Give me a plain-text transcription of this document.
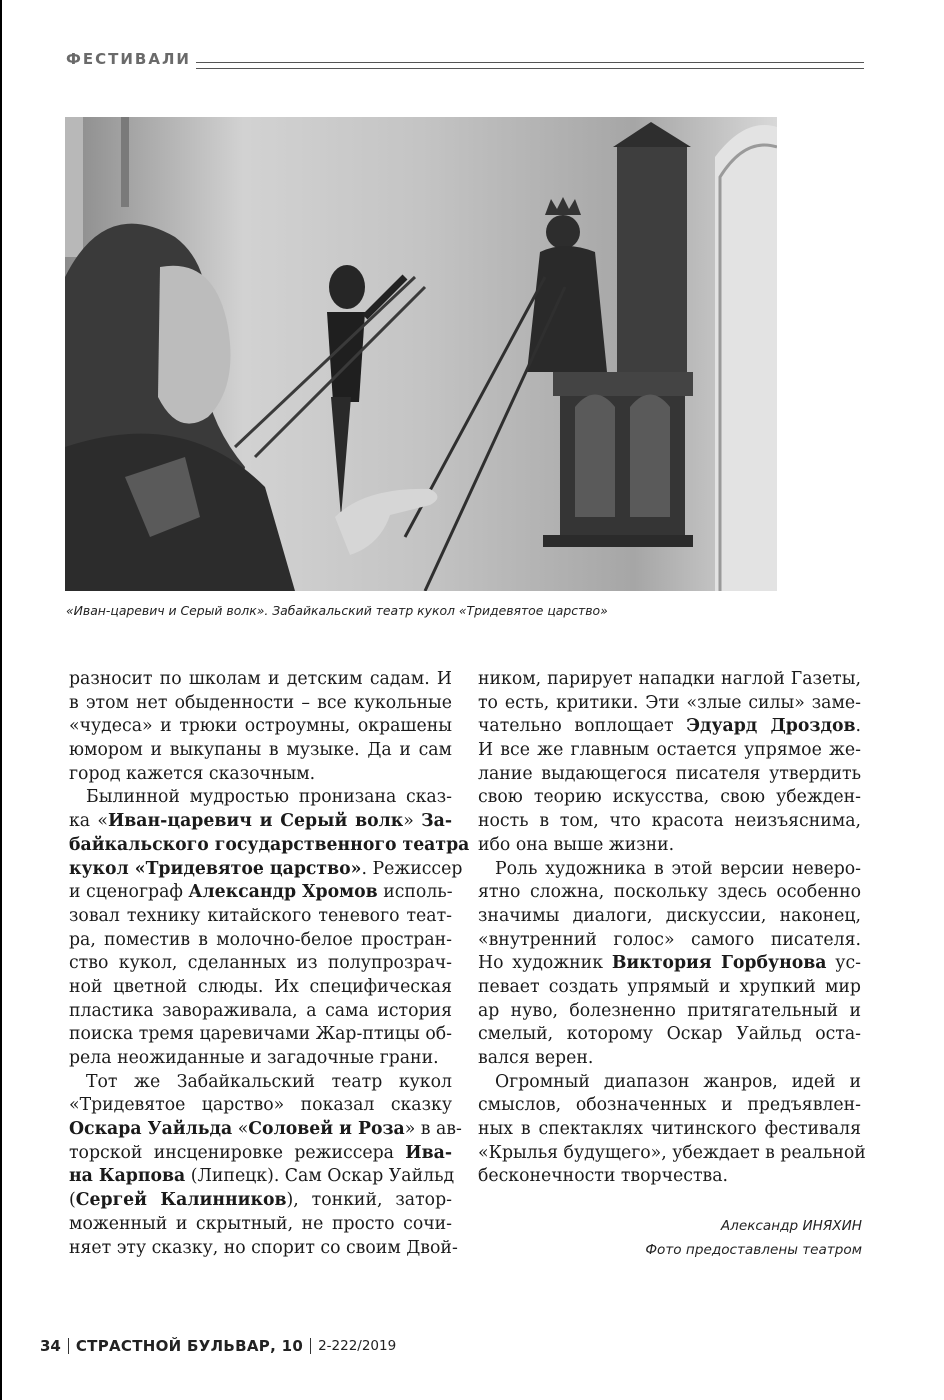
ФЕСТИВАЛИ
«Иван-царевич и Серый волк». Забайкальский театр кукол «Тридевятое царство»
разносит по школам и детским садам. И
в этом нет обыденности – все кукольные
«чудеса» и трюки остроумны, окрашены
юмором и выкупаны в музыке. Да и сам
город кажется сказочным.
Былинной мудростью пронизана сказ-
ка «Иван-царевич и Серый волк» За-
байкальского государственного театра
кукол «Тридевятое царство». Режиссер
и сценограф Александр Хромов исполь-
зовал технику китайского теневого теат-
ра, поместив в молочно-белое простран-
ство кукол, сделанных из полупрозрач-
ной цветной слюды. Их специфическая
пластика завораживала, а сама история
поиска тремя царевичами Жар-птицы об-
рела неожиданные и загадочные грани.
Тот же Забайкальский театр кукол
«Тридевятое царство» показал сказку
Оскара Уайльда «Соловей и Роза» в ав-
торской инсценировке режиссера Ива-
на Карпова (Липецк). Сам Оскар Уайльд
(Сергей Калинников), тонкий, затор-
моженный и скрытный, не просто сочи-
няет эту сказку, но спорит со своим Двой-
ником, парирует нападки наглой Газеты,
то есть, критики. Эти «злые силы» заме-
чательно воплощает Эдуард Дроздов.
И все же главным остается упрямое же-
лание выдающегося писателя утвердить
свою теорию искусства, свою убежден-
ность в том, что красота неизъяснима,
ибо она выше жизни.
Роль художника в этой версии неверо-
ятно сложна, поскольку здесь особенно
значимы диалоги, дискуссии, наконец,
«внутренний голос» самого писателя.
Но художник Виктория Горбунова ус-
певает создать упрямый и хрупкий мир
ар нуво, болезненно притягательный и
смелый, которому Оскар Уайльд оста-
вался верен.
Огромный диапазон жанров, идей и
смыслов, обозначенных и предъявлен-
ных в спектаклях читинского фестиваля
«Крылья будущего», убеждает в реальной
бесконечности творчества.
Александр ИНЯХИН
Фото предоставлены театром
34 СТРАСТНОЙ БУЛЬВАР, 10 2-222/2019
